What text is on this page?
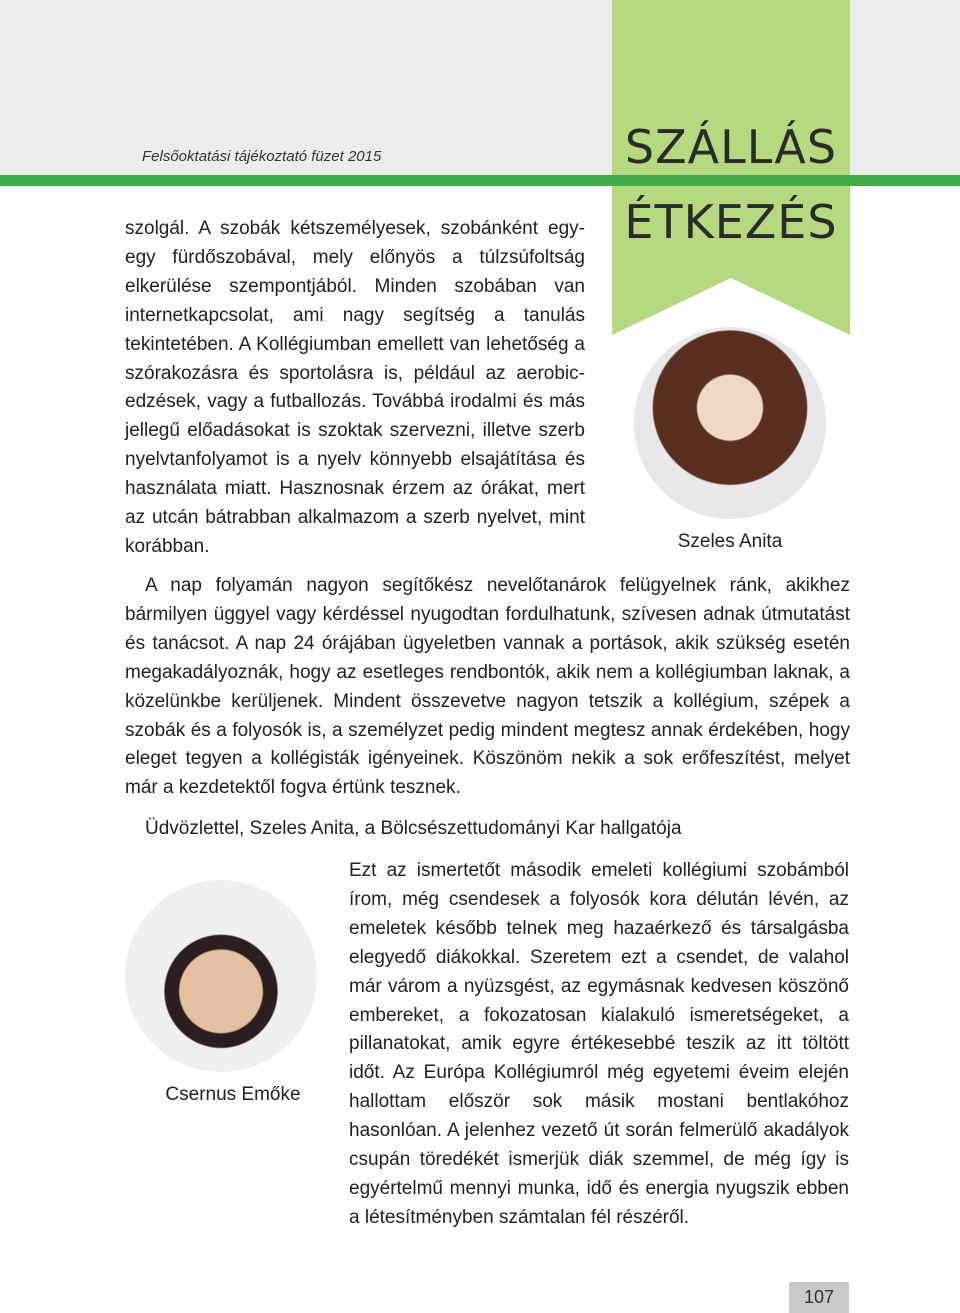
Felsőoktatási tájékoztató füzet 2015	SZÁLLÁS
ÉTKEZÉS

szolgál. A szobák kétszemélyesek, szobánként egy-egy fürdőszobával, mely előnyös a túlzsúfoltság elkerülése szempontjából. Minden szobában van internetkapcsolat, ami nagy segítség a tanulás tekintetében. A Kollégiumban emellett van lehetőség a szórakozásra és sportolásra is, például az aerobic-edzések, vagy a futballozás. Továbbá irodalmi és más jellegű előadásokat is szoktak szervezni, illetve szerb nyelvtanfolyamot is a nyelv könnyebb elsajátítása és használata miatt. Hasznosnak érzem az órákat, mert az utcán bátrabban alkalmazom a szerb nyelvet, mint korábban.	Szeles Anita

A nap folyamán nagyon segítőkész nevelőtanárok felügyelnek ránk, akikhez bármilyen üggyel vagy kérdéssel nyugodtan fordulhatunk, szívesen adnak útmutatást és tanácsot. A nap 24 órájában ügyeletben vannak a portások, akik szükség esetén megakadályoznák, hogy az esetleges rendbontók, akik nem a kollégiumban laknak, a közelünkbe kerüljenek. Mindent összevetve nagyon tetszik a kollégium, szépek a szobák és a folyosók is, a személyzet pedig mindent megtesz annak érdekében, hogy eleget tegyen a kollégisták igényeinek. Köszönöm nekik a sok erőfeszítést, melyet már a kezdetektől fogva értünk tesznek.

Üdvözlettel, Szeles Anita, a Bölcsészettudományi Kar hallgatója

Csernus Emőke

Ezt az ismertetőt második emeleti kollégiumi szobámból írom, még csendesek a folyosók kora délután lévén, az emeletek később telnek meg hazaérkező és társalgásba elegyedő diákokkal. Szeretem ezt a csendet, de valahol már várom a nyüzsgést, az egymásnak kedvesen köszönő embereket, a fokozatosan kialakuló ismeretségeket, a pillanatokat, amik egyre értékesebbé teszik az itt töltött időt. Az Európa Kollégiumról még egyetemi éveim elején hallottam először sok másik mostani bentlakóhoz hasonlóan. A jelenhez vezető út során felmerülő akadályok csupán töredékét ismerjük diák szemmel, de még így is egyértelmű mennyi munka, idő és energia nyugszik ebben a létesítményben számtalan fél részéről.

107
